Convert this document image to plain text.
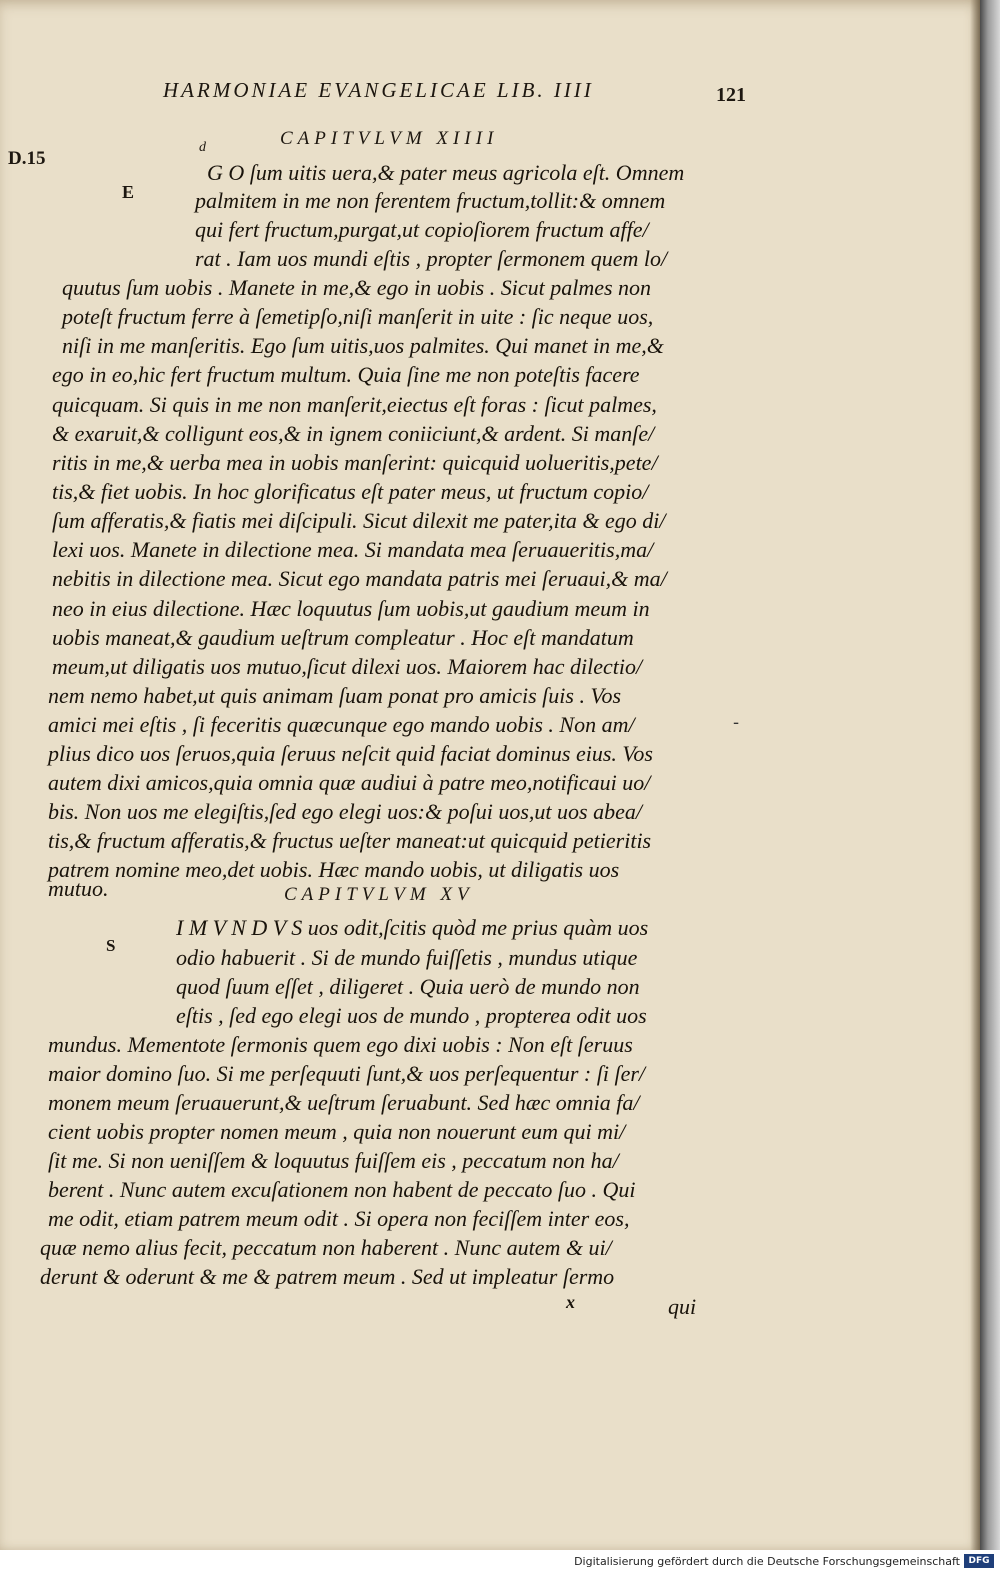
HARMONIAE EVANGELICAE LIB. IIII	121
D.15
E
S
CAPITVLVM XIIII
d

G O ſum uitis uera,& pater meus agricola eſt. Omnem

palmitem in me non ferentem fructum,tollit:& omnem

qui fert fructum,purgat,ut copioſiorem fructum affe/

rat . Iam uos mundi eſtis , propter ſermonem quem lo/

quutus ſum uobis . Manete in me,& ego in uobis . Sicut palmes non

poteſt fructum ferre à ſemetipſo,niſi manſerit in uite : ſic neque uos,

niſi in me manſeritis. Ego ſum uitis,uos palmites. Qui manet in me,&

ego in eo,hic fert fructum multum. Quia ſine me non poteſtis facere

quicquam. Si quis in me non manſerit,eiectus eſt foras : ſicut palmes,

& exaruit,& colligunt eos,& in ignem coniiciunt,& ardent. Si manſe/

ritis in me,& uerba mea in uobis manſerint: quicquid uolueritis,pete/

tis,& fiet uobis. In hoc glorificatus eſt pater meus, ut fructum copio/

ſum afferatis,& fiatis mei diſcipuli. Sicut dilexit me pater,ita & ego di/

lexi uos. Manete in dilectione mea. Si mandata mea ſeruaueritis,ma/

nebitis in dilectione mea. Sicut ego mandata patris mei ſeruaui,& ma/

neo in eius dilectione. Hæc loquutus ſum uobis,ut gaudium meum in

uobis maneat,& gaudium ueſtrum compleatur . Hoc eſt mandatum

meum,ut diligatis uos mutuo,ſicut dilexi uos. Maiorem hac dilectio/

nem nemo habet,ut quis animam ſuam ponat pro amicis ſuis . Vos

amici mei eſtis , ſi feceritis quæcunque ego mando uobis . Non am/

plius dico uos ſeruos,quia ſeruus neſcit quid faciat dominus eius. Vos

autem dixi amicos,quia omnia quæ audiui à patre meo,notificaui uo/

bis. Non uos me elegiſtis,ſed ego elegi uos:& poſui uos,ut uos abea/

tis,& fructum afferatis,& fructus ueſter maneat:ut quicquid petieritis

patrem nomine meo,det uobis. Hæc mando uobis, ut diligatis uos

mutuo.

-
CAPITVLVM XV

I M V N D V S uos odit,ſcitis quòd me prius quàm uos

odio habuerit . Si de mundo fuiſſetis , mundus utique

quod ſuum eſſet , diligeret . Quia uerò de mundo non

eſtis , ſed ego elegi uos de mundo , propterea odit uos

mundus. Mementote ſermonis quem ego dixi uobis : Non eſt ſeruus

maior domino ſuo. Si me perſequuti ſunt,& uos perſequentur : ſi ſer/

monem meum ſeruauerunt,& ueſtrum ſeruabunt. Sed hæc omnia fa/

cient uobis propter nomen meum , quia non nouerunt eum qui mi/

ſit me. Si non ueniſſem & loquutus fuiſſem eis , peccatum non ha/

berent . Nunc autem excuſationem non habent de peccato ſuo . Qui

me odit, etiam patrem meum odit . Si opera non feciſſem inter eos,

quæ nemo alius fecit, peccatum non haberent . Nunc autem & ui/

derunt & oderunt & me & patrem meum . Sed ut impleatur ſermo

x	qui
Digitalisierung gefördert durch die Deutsche Forschungsgemeinschaft DFG
